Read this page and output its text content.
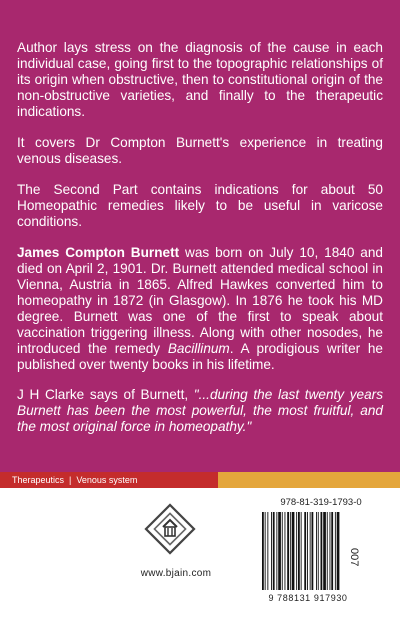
Author lays stress on the diagnosis of the cause in each individual case, going first to the topographic relationships of its origin when obstructive, then to constitutional origin of the non-obstructive varieties, and finally to the therapeutic indications.

It covers Dr Compton Burnett's experience in treating venous diseases.

The Second Part contains indications for about 50 Homeopathic remedies likely to be useful in varicose conditions.

James Compton Burnett was born on July 10, 1840 and died on April 2, 1901. Dr. Burnett attended medical school in Vienna, Austria in 1865. Alfred Hawkes converted him to homeopathy in 1872 (in Glasgow). In 1876 he took his MD degree. Burnett was one of the first to speak about vaccination triggering illness. Along with other nosodes, he introduced the remedy Bacillinum. A prodigious writer he published over twenty books in his lifetime.

J H Clarke says of Burnett, "...during the last twenty years Burnett has been the most powerful, the most fruitful, and the most original force in homeopathy."

Therapeutics | Venous system
www.bjain.com
978-81-319-1793-0
9 788131 917930
007
